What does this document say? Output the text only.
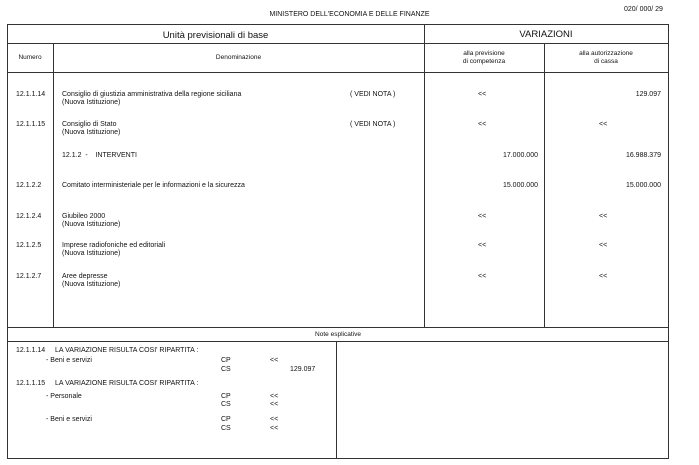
MINISTERO DELL'ECONOMIA E DELLE FINANZE
020/ 000/ 29
Unità previsionali di base	VARIAZIONI
Numero	Denominazione
alla previsione
di competenza
alla autorizzazione
di cassa
12.1.1.14 Consiglio di giustizia amministrativa della regione siciliana
(Nuova Istituzione)
( VEDI NOTA )	<<	129.097
12.1.1.15 Consiglio di Stato
(Nuova Istituzione)
( VEDI NOTA )	<<	<<
12.1.2  -    INTERVENTI	17.000.000	16.988.379
12.1.2.2	Comitato interministeriale per le informazioni e la sicurezza	15.000.000	15.000.000
12.1.2.4	Giubileo 2000
(Nuova Istituzione)
<<	<<
12.1.2.5	Imprese radiofoniche ed editoriali
(Nuova Istituzione)
<<	<<
12.1.2.7	Aree depresse
(Nuova Istituzione)
<<	<<
Note esplicative
12.1.1.14 LA VARIAZIONE RISULTA COSI' RIPARTITA :
- Beni e servizi	CP	<<
CS	129.097
12.1.1.15 LA VARIAZIONE RISULTA COSI' RIPARTITA :
- Personale	CP	<<
CS	<<
- Beni e servizi	CP	<<
CS	<<
